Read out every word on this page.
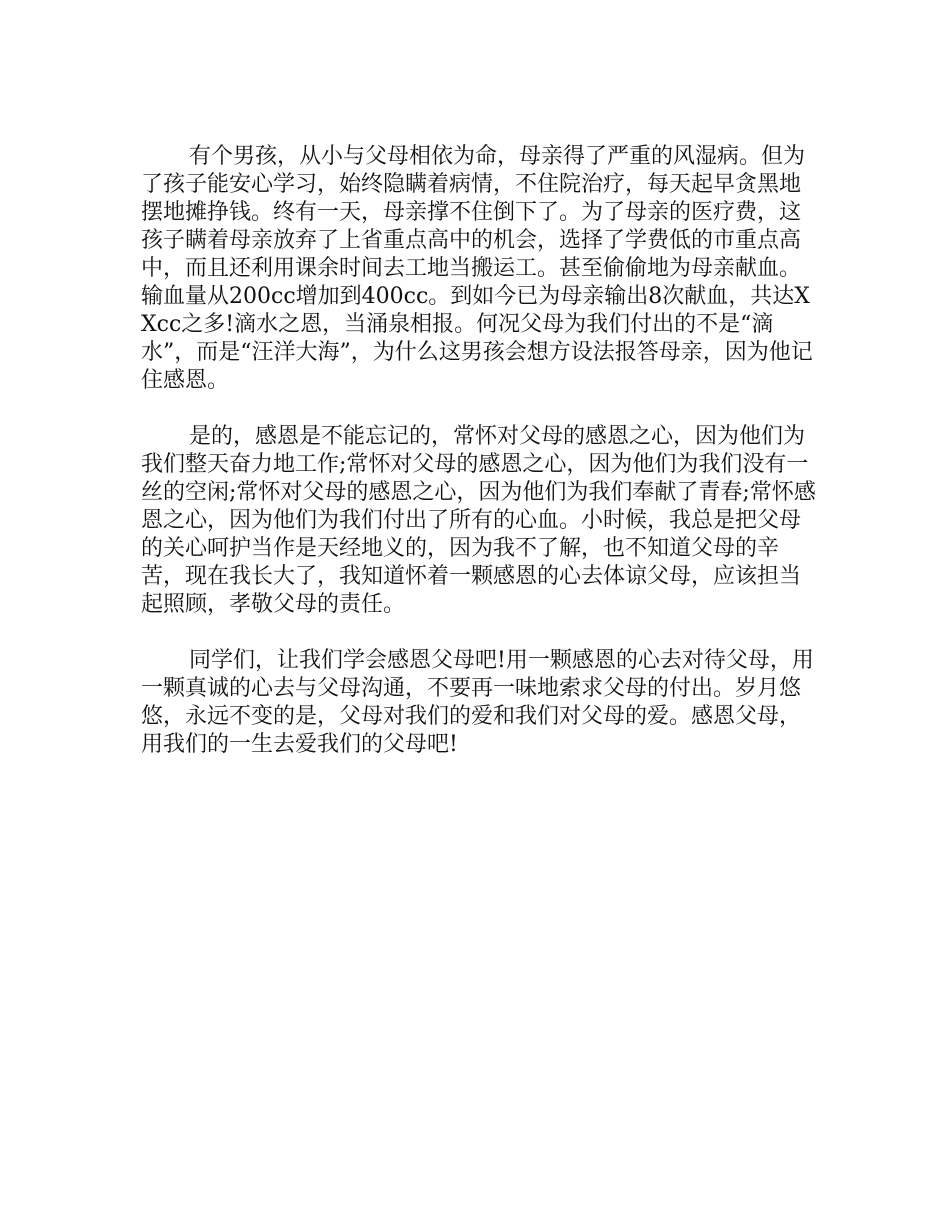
有个男孩，从小与父母相依为命，母亲得了严重的风湿病。但为了孩子能安心学习，始终隐瞒着病情，不住院治疗，每天起早贪黑地摆地摊挣钱。终有一天，母亲撑不住倒下了。为了母亲的医疗费，这孩子瞒着母亲放弃了上省重点高中的机会，选择了学费低的市重点高中，而且还利用课余时间去工地当搬运工。甚至偷偷地为母亲献血。输血量从200cc增加到400cc。到如今已为母亲输出8次献血，共达XXcc之多!滴水之恩，当涌泉相报。何况父母为我们付出的不是“滴水”，而是“汪洋大海”，为什么这男孩会想方设法报答母亲，因为他记住感恩。

是的，感恩是不能忘记的，常怀对父母的感恩之心，因为他们为我们整天奋力地工作;常怀对父母的感恩之心，因为他们为我们没有一丝的空闲;常怀对父母的感恩之心，因为他们为我们奉献了青春;常怀感恩之心，因为他们为我们付出了所有的心血。小时候，我总是把父母的关心呵护当作是天经地义的，因为我不了解，也不知道父母的辛苦，现在我长大了，我知道怀着一颗感恩的心去体谅父母，应该担当起照顾，孝敬父母的责任。

同学们，让我们学会感恩父母吧!用一颗感恩的心去对待父母，用一颗真诚的心去与父母沟通，不要再一味地索求父母的付出。岁月悠悠，永远不变的是，父母对我们的爱和我们对父母的爱。感恩父母，用我们的一生去爱我们的父母吧!
